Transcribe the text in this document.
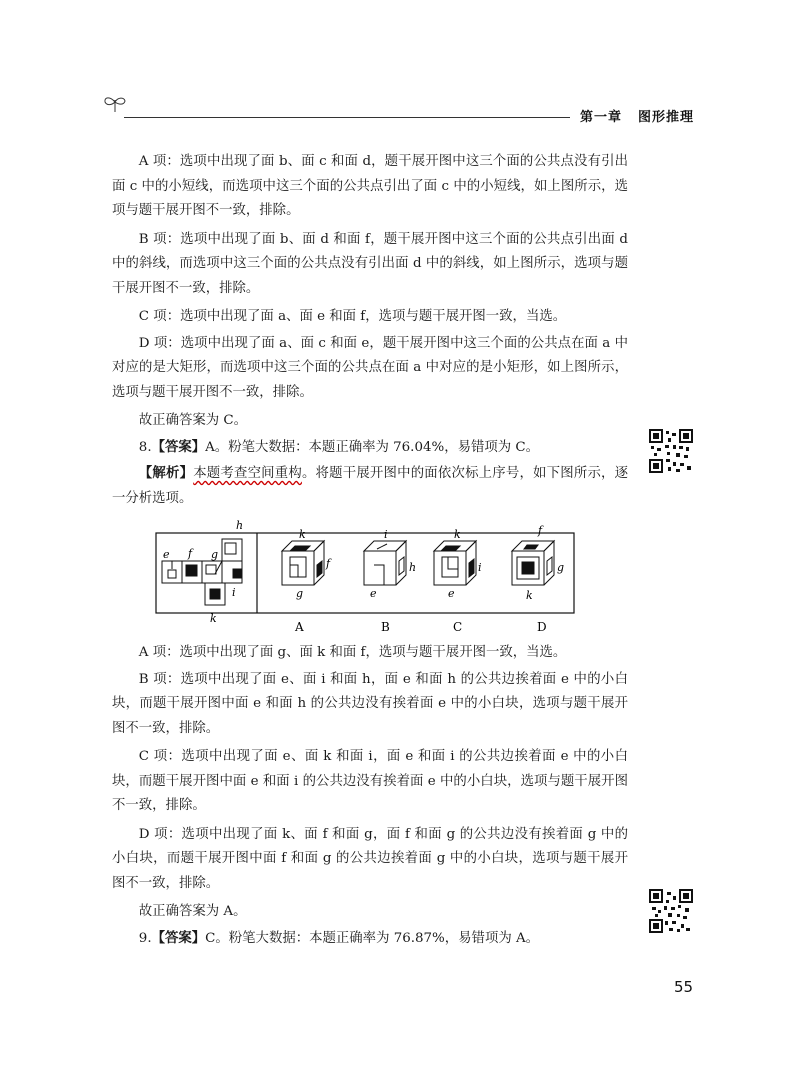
第一章 图形推理

A 项：选项中出现了面 b、面 c 和面 d，题干展开图中这三个面的公共点没有引出面 c 中的小短线，而选项中这三个面的公共点引出了面 c 中的小短线，如上图所示，选项与题干展开图不一致，排除。

B 项：选项中出现了面 b、面 d 和面 f，题干展开图中这三个面的公共点引出面 d 中的斜线，而选项中这三个面的公共点没有引出面 d 中的斜线，如上图所示，选项与题干展开图不一致，排除。

C 项：选项中出现了面 a、面 e 和面 f，选项与题干展开图一致，当选。

D 项：选项中出现了面 a、面 c 和面 e，题干展开图中这三个面的公共点在面 a 中对应的是大矩形，而选项中这三个面的公共点在面 a 中对应的是小矩形，如上图所示，选项与题干展开图不一致，排除。

故正确答案为 C。

8.【答案】A。粉笔大数据：本题正确率为 76.04%，易错项为 C。

【解析】本题考查空间重构。将题干展开图中的面依次标上序号，如下图所示，逐一分析选项。

e f g
h
i
k
k
f
g
A
i
h
e
B
k
i
e
C
f
g
k
D

A 项：选项中出现了面 g、面 k 和面 f，选项与题干展开图一致，当选。

B 项：选项中出现了面 e、面 i 和面 h，面 e 和面 h 的公共边挨着面 e 中的小白块，而题干展开图中面 e 和面 h 的公共边没有挨着面 e 中的小白块，选项与题干展开图不一致，排除。

C 项：选项中出现了面 e、面 k 和面 i，面 e 和面 i 的公共边挨着面 e 中的小白块，而题干展开图中面 e 和面 i 的公共边没有挨着面 e 中的小白块，选项与题干展开图不一致，排除。

D 项：选项中出现了面 k、面 f 和面 g，面 f 和面 g 的公共边没有挨着面 g 中的小白块，而题干展开图中面 f 和面 g 的公共边挨着面 g 中的小白块，选项与题干展开图不一致，排除。

故正确答案为 A。

9.【答案】C。粉笔大数据：本题正确率为 76.87%，易错项为 A。

55
